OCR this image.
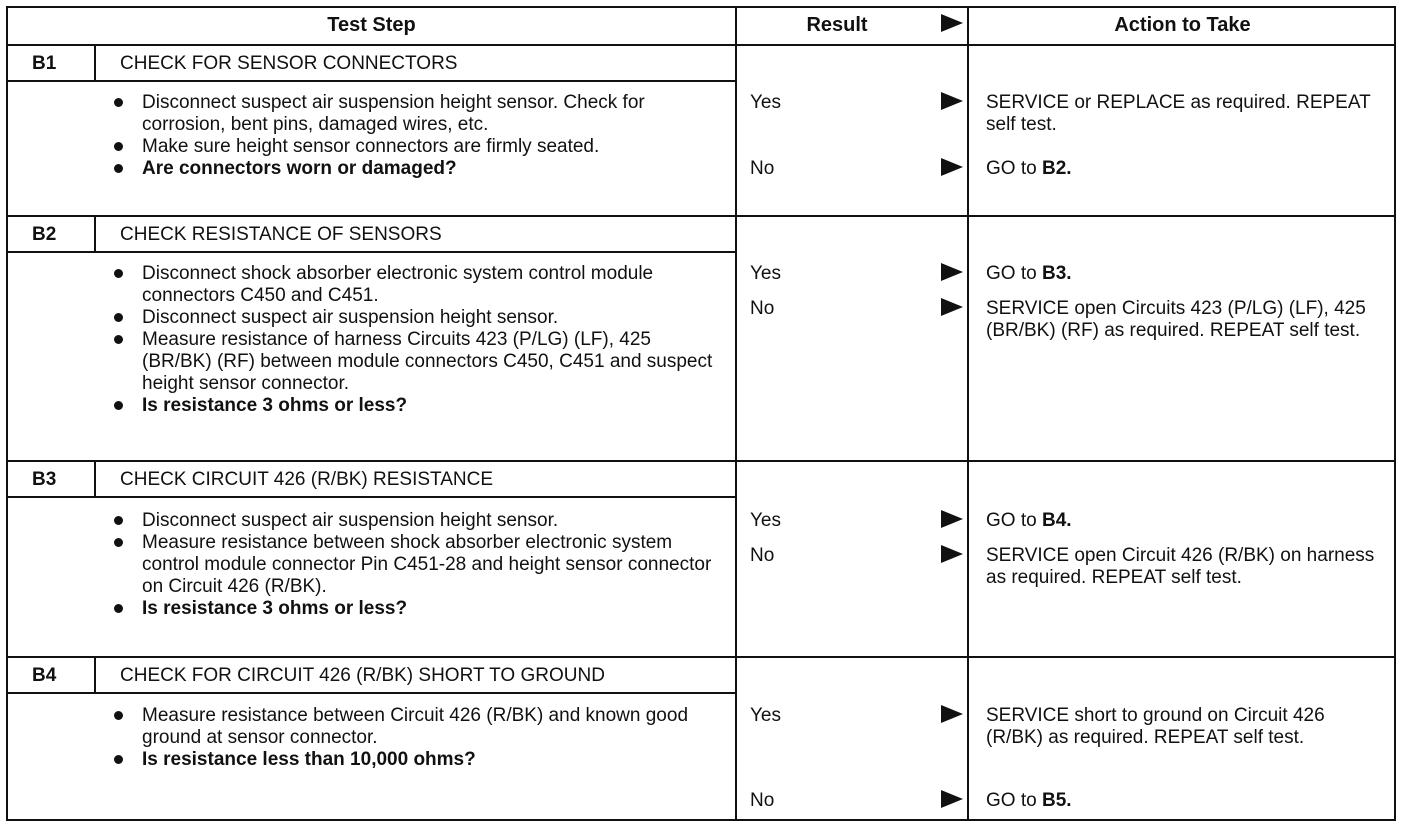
Test Step	Result	Action to Take
B1	CHECK FOR SENSOR CONNECTORS
Disconnect suspect air suspension height sensor. Check for corrosion, bent pins, damaged wires, etc.
Make sure height sensor connectors are firmly seated.
Are connectors worn or damaged?
Yes	SERVICE or REPLACE as required. REPEAT self test.
No	GO to B2.
B2	CHECK RESISTANCE OF SENSORS
Disconnect shock absorber electronic system control module connectors C450 and C451.
Disconnect suspect air suspension height sensor.
Measure resistance of harness Circuits 423 (P/LG) (LF), 425 (BR/BK) (RF) between module connectors C450, C451 and suspect height sensor connector.
Is resistance 3 ohms or less?
Yes	GO to B3.
No	SERVICE open Circuits 423 (P/LG) (LF), 425 (BR/BK) (RF) as required. REPEAT self test.
B3	CHECK CIRCUIT 426 (R/BK) RESISTANCE
Disconnect suspect air suspension height sensor.
Measure resistance between shock absorber electronic system control module connector Pin C451-28 and height sensor connector on Circuit 426 (R/BK).
Is resistance 3 ohms or less?
Yes	GO to B4.
No	SERVICE open Circuit 426 (R/BK) on harness as required. REPEAT self test.
B4	CHECK FOR CIRCUIT 426 (R/BK) SHORT TO GROUND
Measure resistance between Circuit 426 (R/BK) and known good ground at sensor connector.
Is resistance less than 10,000 ohms?
Yes	SERVICE short to ground on Circuit 426 (R/BK) as required. REPEAT self test.
No	GO to B5.
